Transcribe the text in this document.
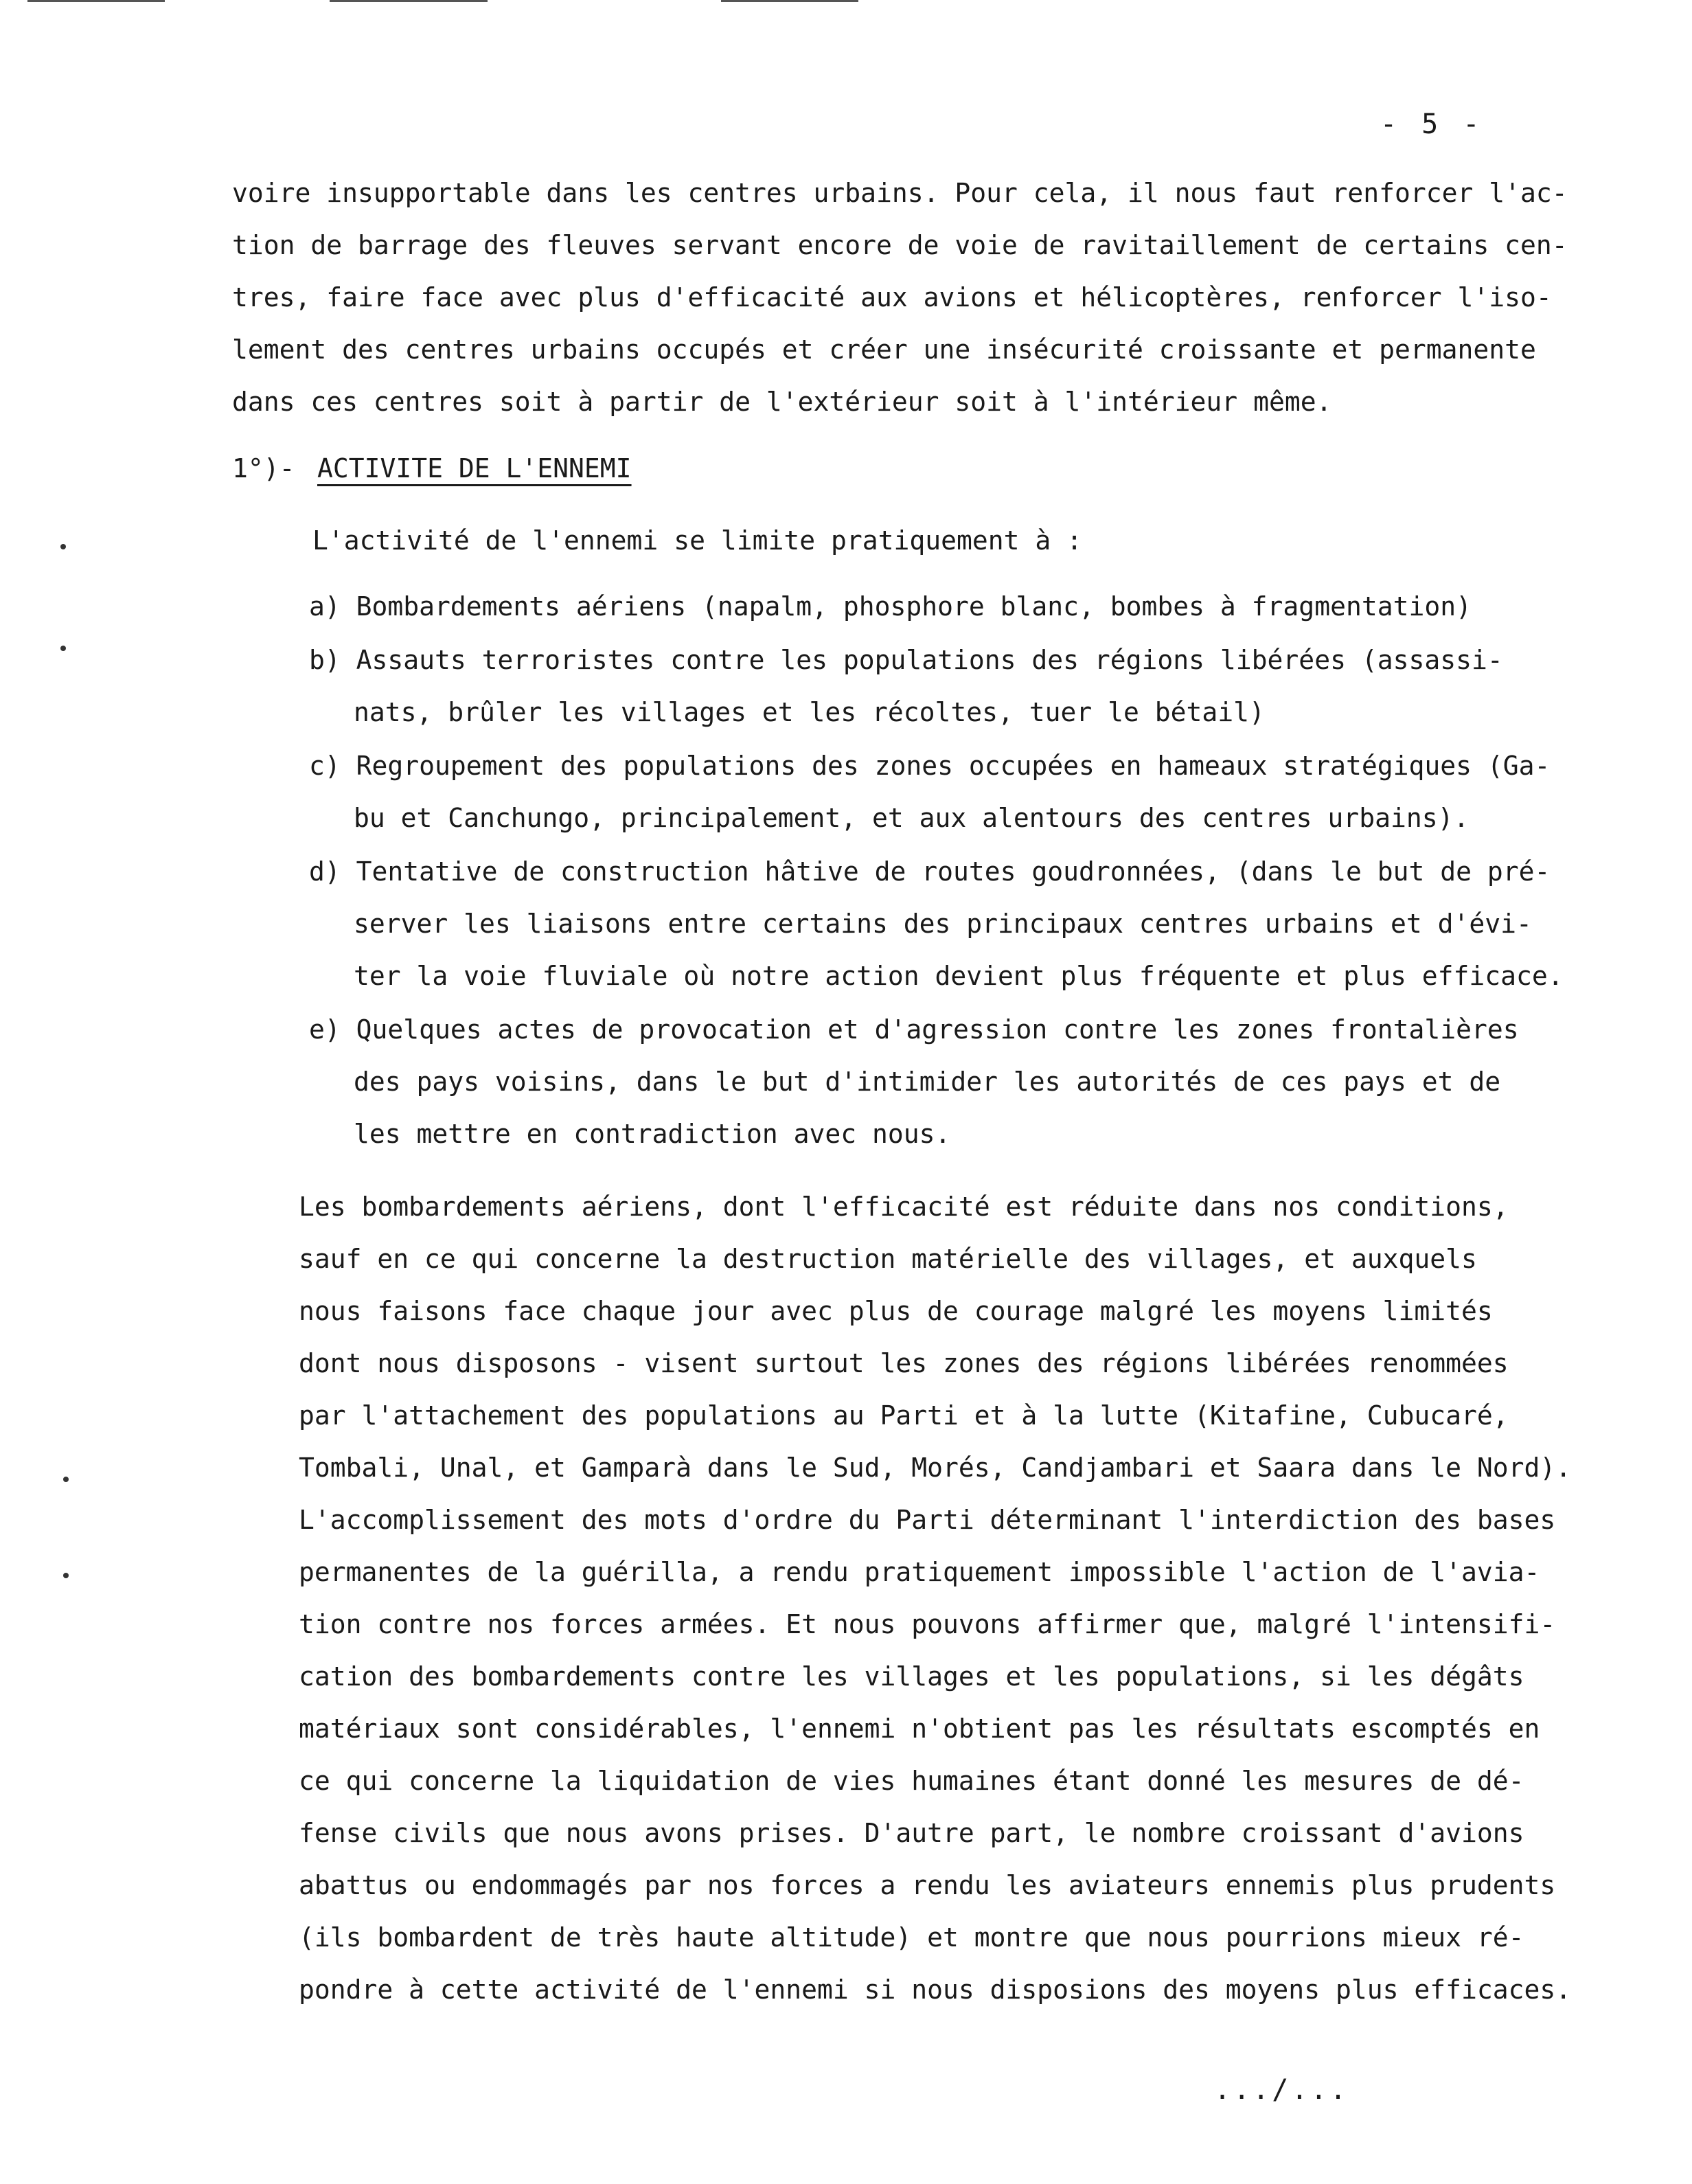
- 5 -
voire insupportable dans les centres urbains. Pour cela, il nous faut renforcer l'ac-
tion de barrage des fleuves servant encore de voie de ravitaillement de certains cen-
tres, faire face avec plus d'efficacité aux avions et hélicoptères, renforcer l'iso-
lement des centres urbains occupés et créer une insécurité croissante et permanente
dans ces centres soit à partir de l'extérieur soit à l'intérieur même.
1°)- ACTIVITE DE L'ENNEMI
L'activité de l'ennemi se limite pratiquement à :
a) Bombardements aériens (napalm, phosphore blanc, bombes à fragmentation)
b) Assauts terroristes contre les populations des régions libérées (assassi-
nats, brûler les villages et les récoltes, tuer le bétail)
c) Regroupement des populations des zones occupées en hameaux stratégiques (Ga-
bu et Canchungo, principalement, et aux alentours des centres urbains).
d) Tentative de construction hâtive de routes goudronnées, (dans le but de pré-
server les liaisons entre certains des principaux centres urbains et d'évi-
ter la voie fluviale où notre action devient plus fréquente et plus efficace.
e) Quelques actes de provocation et d'agression contre les zones frontalières
des pays voisins, dans le but d'intimider les autorités de ces pays et de
les mettre en contradiction avec nous.
Les bombardements aériens, dont l'efficacité est réduite dans nos conditions,
sauf en ce qui concerne la destruction matérielle des villages, et auxquels
nous faisons face chaque jour avec plus de courage malgré les moyens limités
dont nous disposons - visent surtout les zones des régions libérées renommées
par l'attachement des populations au Parti et à la lutte (Kitafine, Cubucaré,
Tombali, Unal, et Gamparà dans le Sud, Morés, Candjambari et Saara dans le Nord).
L'accomplissement des mots d'ordre du Parti déterminant l'interdiction des bases
permanentes de la guérilla, a rendu pratiquement impossible l'action de l'avia-
tion contre nos forces armées. Et nous pouvons affirmer que, malgré l'intensifi-
cation des bombardements contre les villages et les populations, si les dégâts
matériaux sont considérables, l'ennemi n'obtient pas les résultats escomptés en
ce qui concerne la liquidation de vies humaines étant donné les mesures de dé-
fense civils que nous avons prises. D'autre part, le nombre croissant d'avions
abattus ou endommagés par nos forces a rendu les aviateurs ennemis plus prudents
(ils bombardent de très haute altitude) et montre que nous pourrions mieux ré-
pondre à cette activité de l'ennemi si nous disposions des moyens plus efficaces.
.../...
